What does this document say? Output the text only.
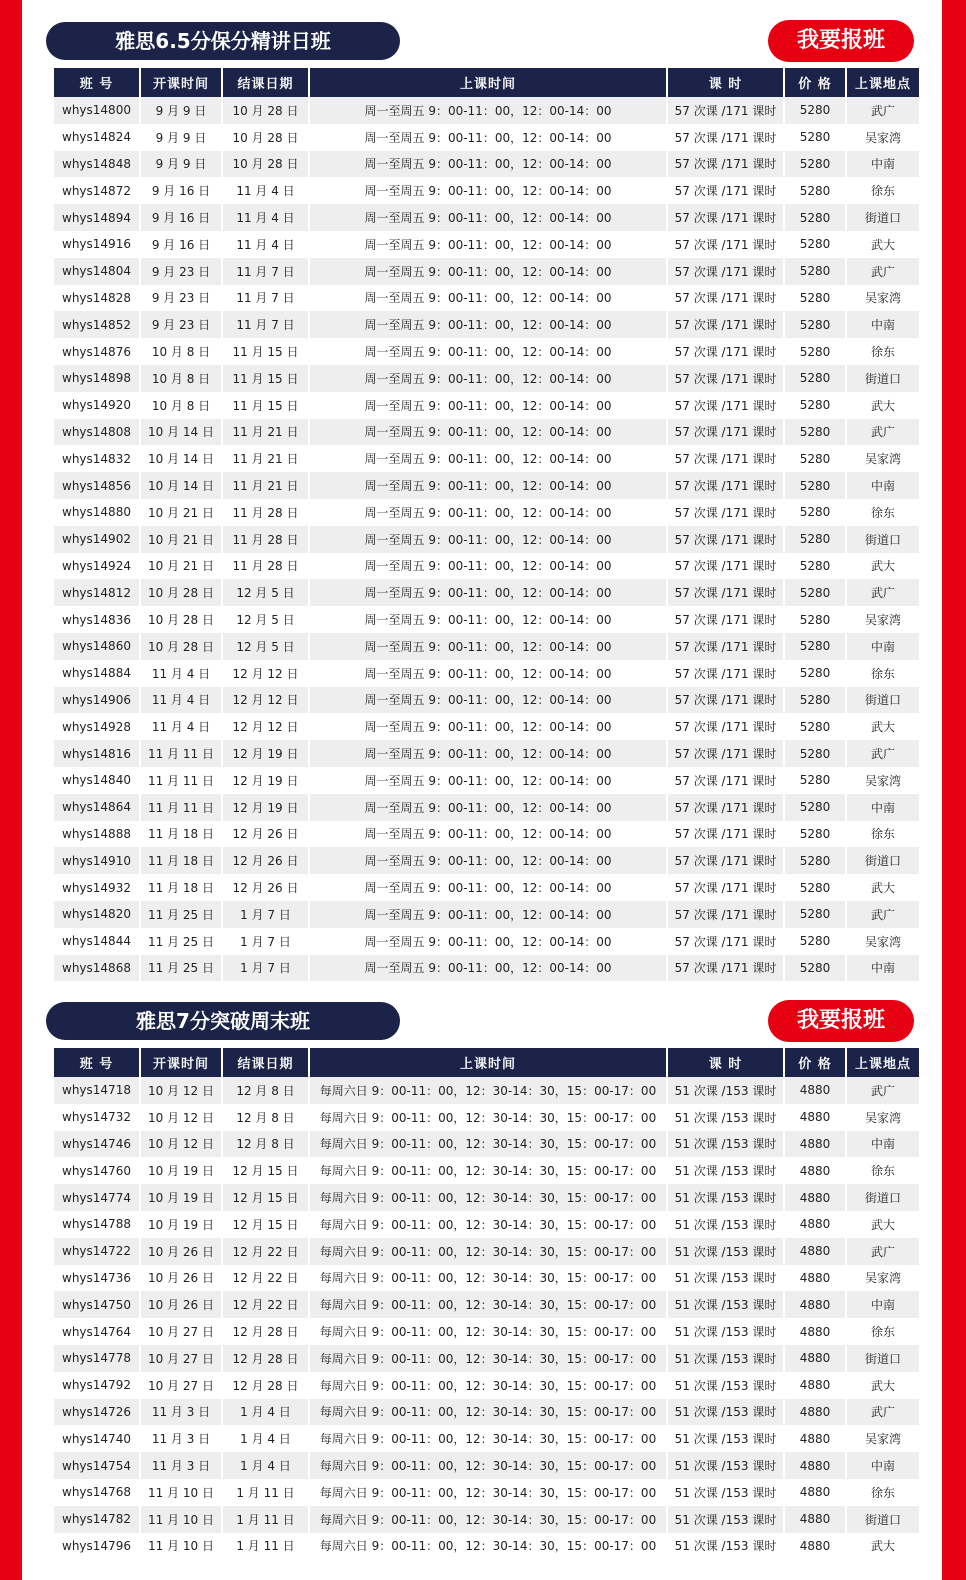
雅思6.5分保分精讲日班	我要报班
班 号	开课时间	结课日期	上课时间	课 时	价 格	上课地点
whys14800	9 月 9 日	10 月 28 日	周一至周五 9：00-11：00，12：00-14：00	57 次课 /171 课时	5280	武广
whys14824	9 月 9 日	10 月 28 日	周一至周五 9：00-11：00，12：00-14：00	57 次课 /171 课时	5280	吴家湾
whys14848	9 月 9 日	10 月 28 日	周一至周五 9：00-11：00，12：00-14：00	57 次课 /171 课时	5280	中南
whys14872	9 月 16 日	11 月 4 日	周一至周五 9：00-11：00，12：00-14：00	57 次课 /171 课时	5280	徐东
whys14894	9 月 16 日	11 月 4 日	周一至周五 9：00-11：00，12：00-14：00	57 次课 /171 课时	5280	街道口
whys14916	9 月 16 日	11 月 4 日	周一至周五 9：00-11：00，12：00-14：00	57 次课 /171 课时	5280	武大
whys14804	9 月 23 日	11 月 7 日	周一至周五 9：00-11：00，12：00-14：00	57 次课 /171 课时	5280	武广
whys14828	9 月 23 日	11 月 7 日	周一至周五 9：00-11：00，12：00-14：00	57 次课 /171 课时	5280	吴家湾
whys14852	9 月 23 日	11 月 7 日	周一至周五 9：00-11：00，12：00-14：00	57 次课 /171 课时	5280	中南
whys14876	10 月 8 日	11 月 15 日	周一至周五 9：00-11：00，12：00-14：00	57 次课 /171 课时	5280	徐东
whys14898	10 月 8 日	11 月 15 日	周一至周五 9：00-11：00，12：00-14：00	57 次课 /171 课时	5280	街道口
whys14920	10 月 8 日	11 月 15 日	周一至周五 9：00-11：00，12：00-14：00	57 次课 /171 课时	5280	武大
whys14808	10 月 14 日	11 月 21 日	周一至周五 9：00-11：00，12：00-14：00	57 次课 /171 课时	5280	武广
whys14832	10 月 14 日	11 月 21 日	周一至周五 9：00-11：00，12：00-14：00	57 次课 /171 课时	5280	吴家湾
whys14856	10 月 14 日	11 月 21 日	周一至周五 9：00-11：00，12：00-14：00	57 次课 /171 课时	5280	中南
whys14880	10 月 21 日	11 月 28 日	周一至周五 9：00-11：00，12：00-14：00	57 次课 /171 课时	5280	徐东
whys14902	10 月 21 日	11 月 28 日	周一至周五 9：00-11：00，12：00-14：00	57 次课 /171 课时	5280	街道口
whys14924	10 月 21 日	11 月 28 日	周一至周五 9：00-11：00，12：00-14：00	57 次课 /171 课时	5280	武大
whys14812	10 月 28 日	12 月 5 日	周一至周五 9：00-11：00，12：00-14：00	57 次课 /171 课时	5280	武广
whys14836	10 月 28 日	12 月 5 日	周一至周五 9：00-11：00，12：00-14：00	57 次课 /171 课时	5280	吴家湾
whys14860	10 月 28 日	12 月 5 日	周一至周五 9：00-11：00，12：00-14：00	57 次课 /171 课时	5280	中南
whys14884	11 月 4 日	12 月 12 日	周一至周五 9：00-11：00，12：00-14：00	57 次课 /171 课时	5280	徐东
whys14906	11 月 4 日	12 月 12 日	周一至周五 9：00-11：00，12：00-14：00	57 次课 /171 课时	5280	街道口
whys14928	11 月 4 日	12 月 12 日	周一至周五 9：00-11：00，12：00-14：00	57 次课 /171 课时	5280	武大
whys14816	11 月 11 日	12 月 19 日	周一至周五 9：00-11：00，12：00-14：00	57 次课 /171 课时	5280	武广
whys14840	11 月 11 日	12 月 19 日	周一至周五 9：00-11：00，12：00-14：00	57 次课 /171 课时	5280	吴家湾
whys14864	11 月 11 日	12 月 19 日	周一至周五 9：00-11：00，12：00-14：00	57 次课 /171 课时	5280	中南
whys14888	11 月 18 日	12 月 26 日	周一至周五 9：00-11：00，12：00-14：00	57 次课 /171 课时	5280	徐东
whys14910	11 月 18 日	12 月 26 日	周一至周五 9：00-11：00，12：00-14：00	57 次课 /171 课时	5280	街道口
whys14932	11 月 18 日	12 月 26 日	周一至周五 9：00-11：00，12：00-14：00	57 次课 /171 课时	5280	武大
whys14820	11 月 25 日	1 月 7 日	周一至周五 9：00-11：00，12：00-14：00	57 次课 /171 课时	5280	武广
whys14844	11 月 25 日	1 月 7 日	周一至周五 9：00-11：00，12：00-14：00	57 次课 /171 课时	5280	吴家湾
whys14868	11 月 25 日	1 月 7 日	周一至周五 9：00-11：00，12：00-14：00	57 次课 /171 课时	5280	中南
雅思7分突破周末班	我要报班
班 号	开课时间	结课日期	上课时间	课 时	价 格	上课地点
whys14718	10 月 12 日	12 月 8 日	每周六日 9：00-11：00，12：30-14：30，15：00-17：00	51 次课 /153 课时	4880	武广
whys14732	10 月 12 日	12 月 8 日	每周六日 9：00-11：00，12：30-14：30，15：00-17：00	51 次课 /153 课时	4880	吴家湾
whys14746	10 月 12 日	12 月 8 日	每周六日 9：00-11：00，12：30-14：30，15：00-17：00	51 次课 /153 课时	4880	中南
whys14760	10 月 19 日	12 月 15 日	每周六日 9：00-11：00，12：30-14：30，15：00-17：00	51 次课 /153 课时	4880	徐东
whys14774	10 月 19 日	12 月 15 日	每周六日 9：00-11：00，12：30-14：30，15：00-17：00	51 次课 /153 课时	4880	街道口
whys14788	10 月 19 日	12 月 15 日	每周六日 9：00-11：00，12：30-14：30，15：00-17：00	51 次课 /153 课时	4880	武大
whys14722	10 月 26 日	12 月 22 日	每周六日 9：00-11：00，12：30-14：30，15：00-17：00	51 次课 /153 课时	4880	武广
whys14736	10 月 26 日	12 月 22 日	每周六日 9：00-11：00，12：30-14：30，15：00-17：00	51 次课 /153 课时	4880	吴家湾
whys14750	10 月 26 日	12 月 22 日	每周六日 9：00-11：00，12：30-14：30，15：00-17：00	51 次课 /153 课时	4880	中南
whys14764	10 月 27 日	12 月 28 日	每周六日 9：00-11：00，12：30-14：30，15：00-17：00	51 次课 /153 课时	4880	徐东
whys14778	10 月 27 日	12 月 28 日	每周六日 9：00-11：00，12：30-14：30，15：00-17：00	51 次课 /153 课时	4880	街道口
whys14792	10 月 27 日	12 月 28 日	每周六日 9：00-11：00，12：30-14：30，15：00-17：00	51 次课 /153 课时	4880	武大
whys14726	11 月 3 日	1 月 4 日	每周六日 9：00-11：00，12：30-14：30，15：00-17：00	51 次课 /153 课时	4880	武广
whys14740	11 月 3 日	1 月 4 日	每周六日 9：00-11：00，12：30-14：30，15：00-17：00	51 次课 /153 课时	4880	吴家湾
whys14754	11 月 3 日	1 月 4 日	每周六日 9：00-11：00，12：30-14：30，15：00-17：00	51 次课 /153 课时	4880	中南
whys14768	11 月 10 日	1 月 11 日	每周六日 9：00-11：00，12：30-14：30，15：00-17：00	51 次课 /153 课时	4880	徐东
whys14782	11 月 10 日	1 月 11 日	每周六日 9：00-11：00，12：30-14：30，15：00-17：00	51 次课 /153 课时	4880	街道口
whys14796	11 月 10 日	1 月 11 日	每周六日 9：00-11：00，12：30-14：30，15：00-17：00	51 次课 /153 课时	4880	武大
